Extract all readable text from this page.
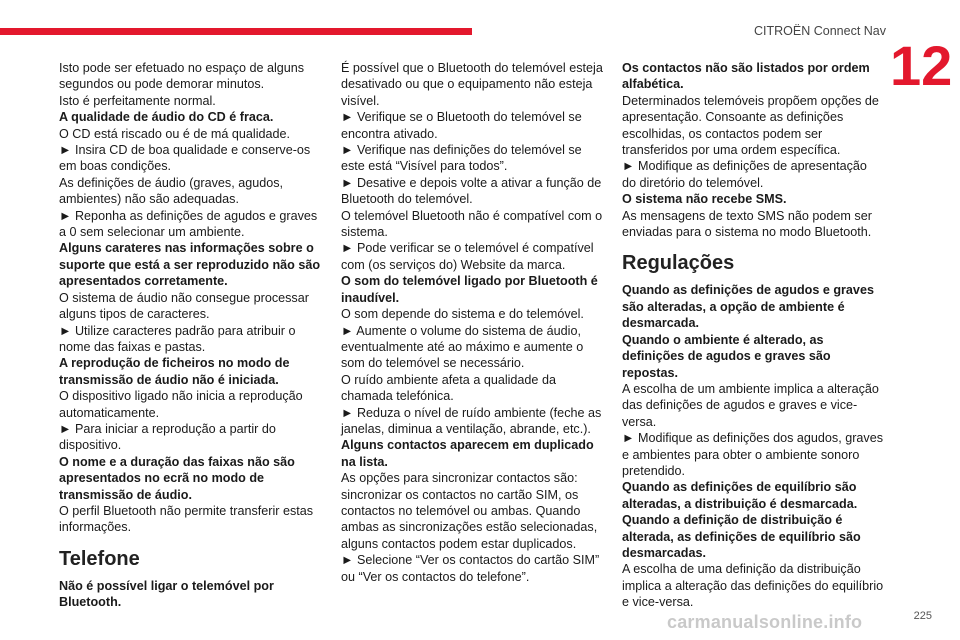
CITROËN Connect Nav
12

Isto pode ser efetuado no espaço de alguns segundos ou pode demorar minutos.

Isto é perfeitamente normal.

A qualidade de áudio do CD é fraca.

O CD está riscado ou é de má qualidade.

► Insira CD de boa qualidade e conserve-os em boas condições.

As definições de áudio (graves, agudos, ambientes) não são adequadas.

► Reponha as definições de agudos e graves a 0 sem selecionar um ambiente.

Alguns carateres nas informações sobre o suporte que está a ser reproduzido não são apresentados corretamente.

O sistema de áudio não consegue processar alguns tipos de caracteres.

► Utilize caracteres padrão para atribuir o nome das faixas e pastas.

A reprodução de ficheiros no modo de transmissão de áudio não é iniciada.

O dispositivo ligado não inicia a reprodução automaticamente.

► Para iniciar a reprodução a partir do dispositivo.

O nome e a duração das faixas não são apresentados no ecrã no modo de transmissão de áudio.

O perfil Bluetooth não permite transferir estas informações.

Telefone

Não é possível ligar o telemóvel por Bluetooth.

É possível que o Bluetooth do telemóvel esteja desativado ou que o equipamento não esteja visível.

► Verifique se o Bluetooth do telemóvel se encontra ativado.

► Verifique nas definições do telemóvel se este está “Visível para todos”.

► Desative e depois volte a ativar a função de Bluetooth do telemóvel.

O telemóvel Bluetooth não é compatível com o sistema.

► Pode verificar se o telemóvel é compatível com (os serviços do) Website da marca.

O som do telemóvel ligado por Bluetooth é inaudível.

O som depende do sistema e do telemóvel.

► Aumente o volume do sistema de áudio, eventualmente até ao máximo e aumente o som do telemóvel se necessário.

O ruído ambiente afeta a qualidade da chamada telefónica.

► Reduza o nível de ruído ambiente (feche as janelas, diminua a ventilação, abrande, etc.).

Alguns contactos aparecem em duplicado na lista.

As opções para sincronizar contactos são: sincronizar os contactos no cartão SIM, os contactos no telemóvel ou ambas. Quando ambas as sincronizações estão selecionadas, alguns contactos podem estar duplicados.

► Selecione “Ver os contactos do cartão SIM” ou “Ver os contactos do telefone”.

Os contactos não são listados por ordem alfabética.

Determinados telemóveis propõem opções de apresentação. Consoante as definições escolhidas, os contactos podem ser transferidos por uma ordem específica.

► Modifique as definições de apresentação do diretório do telemóvel.

O sistema não recebe SMS.

As mensagens de texto SMS não podem ser enviadas para o sistema no modo Bluetooth.

Regulações

Quando as definições de agudos e graves são alteradas, a opção de ambiente é desmarcada.

Quando o ambiente é alterado, as definições de agudos e graves são repostas.

A escolha de um ambiente implica a alteração das definições de agudos e graves e vice-versa.

► Modifique as definições dos agudos, graves e ambientes para obter o ambiente sonoro pretendido.

Quando as definições de equilíbrio são alteradas, a distribuição é desmarcada.

Quando a definição de distribuição é alterada, as definições de equilíbrio são desmarcadas.

A escolha de uma definição da distribuição implica a alteração das definições do equilíbrio e vice-versa.

225
carmanualsonline.info
